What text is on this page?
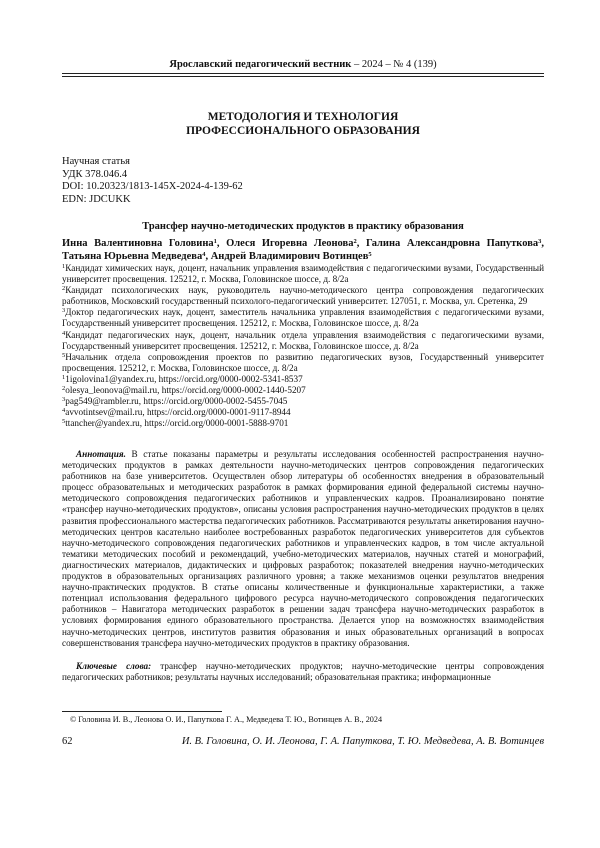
Ярославский педагогический вестник – 2024 – № 4 (139)
МЕТОДОЛОГИЯ И ТЕХНОЛОГИЯ
ПРОФЕССИОНАЛЬНОГО ОБРАЗОВАНИЯ
Научная статья
УДК 378.046.4
DOI: 10.20323/1813-145X-2024-4-139-62
EDN: JDCUKK
Трансфер научно-методических продуктов в практику образования
Инна Валентиновна Головина$^1$, Олеся Игоревна Леонова$^2$, Галина Александровна Папуткова$^3$, Татьяна Юрьевна Медведева$^4$, Андрей Владимирович Вотинцев$^5$

$^1$Кандидат химических наук, доцент, начальник управления взаимодействия с педагогическими вузами, Государственный университет просвещения. 125212, г. Москва, Головинское шоссе, д. 8/2а

$^2$Кандидат психологических наук, руководитель научно-методического центра сопровождения педагогических работников, Московский государственный психолого-педагогический университет. 127051, г. Москва, ул. Сретенка, 29

$^3$Доктор педагогических наук, доцент, заместитель начальника управления взаимодействия с педагогическими вузами, Государственный университет просвещения. 125212, г. Москва, Головинское шоссе, д. 8/2а

$^4$Кандидат педагогических наук, доцент, начальник отдела управления взаимодействия с педагогическими вузами, Государственный университет просвещения. 125212, г. Москва, Головинское шоссе, д. 8/2а

$^5$Начальник отдела сопровождения проектов по развитию педагогических вузов, Государственный университет просвещения. 125212, г. Москва, Головинское шоссе, д. 8/2а

$^1$1igolovina1@yandex.ru, https://orcid.org/0000-0002-5341-8537

$^2$olesya_leonova@mail.ru, https://orcid.org/0000-0002-1440-5207

$^3$pag549@rambler.ru, https://orcid.org/0000-0002-5455-7045

$^4$avvotintsev@mail.ru, https://orcid.org/0000-0001-9117-8944

$^5$ttancher@yandex.ru, https://orcid.org/0000-0001-5888-9701

Аннотация. В статье показаны параметры и результаты исследования особенностей распространения научно-методических продуктов в рамках деятельности научно-методических центров сопровождения педагогических работников на базе университетов. Осуществлен обзор литературы об особенностях внедрения в образовательный процесс образовательных и методических разработок в рамках формирования единой федеральной системы научно-методического сопровождения педагогических работников и управленческих кадров. Проанализировано понятие «трансфер научно-методических продуктов», описаны условия распространения научно-методических продуктов в целях развития профессионального мастерства педагогических работников. Рассматриваются результаты анкетирования научно-методических центров касательно наиболее востребованных разработок педагогических университетов для субъектов научно-методического сопровождения педагогических работников и управленческих кадров, в том числе актуальной тематики методических пособий и рекомендаций, учебно-методических материалов, научных статей и монографий, диагностических материалов, дидактических и цифровых разработок; показателей внедрения научно-методических продуктов в образовательных организациях различного уровня; а также механизмов оценки результатов внедрения научно-практических продуктов. В статье описаны количественные и функциональные характеристики, а также потенциал использования федерального цифрового ресурса научно-методического сопровождения педагогических работников – Навигатора методических разработок в решении задач трансфера научно-методических разработок в условиях формирования единого образовательного пространства. Делается упор на возможностях взаимодействия научно-методических центров, институтов развития образования и иных образовательных организаций в вопросах совершенствования трансфера научно-методических продуктов в практику образования.
Ключевые слова: трансфер научно-методических продуктов; научно-методические центры сопровождения педагогических работников; результаты научных исследований; образовательная практика; информационные
© Головина И. В., Леонова О. И., Папуткова Г. А., Медведева Т. Ю., Вотинцев А. В., 2024
62	И. В. Головина, О. И. Леонова, Г. А. Папуткова, Т. Ю. Медведева, А. В. Вотинцев
